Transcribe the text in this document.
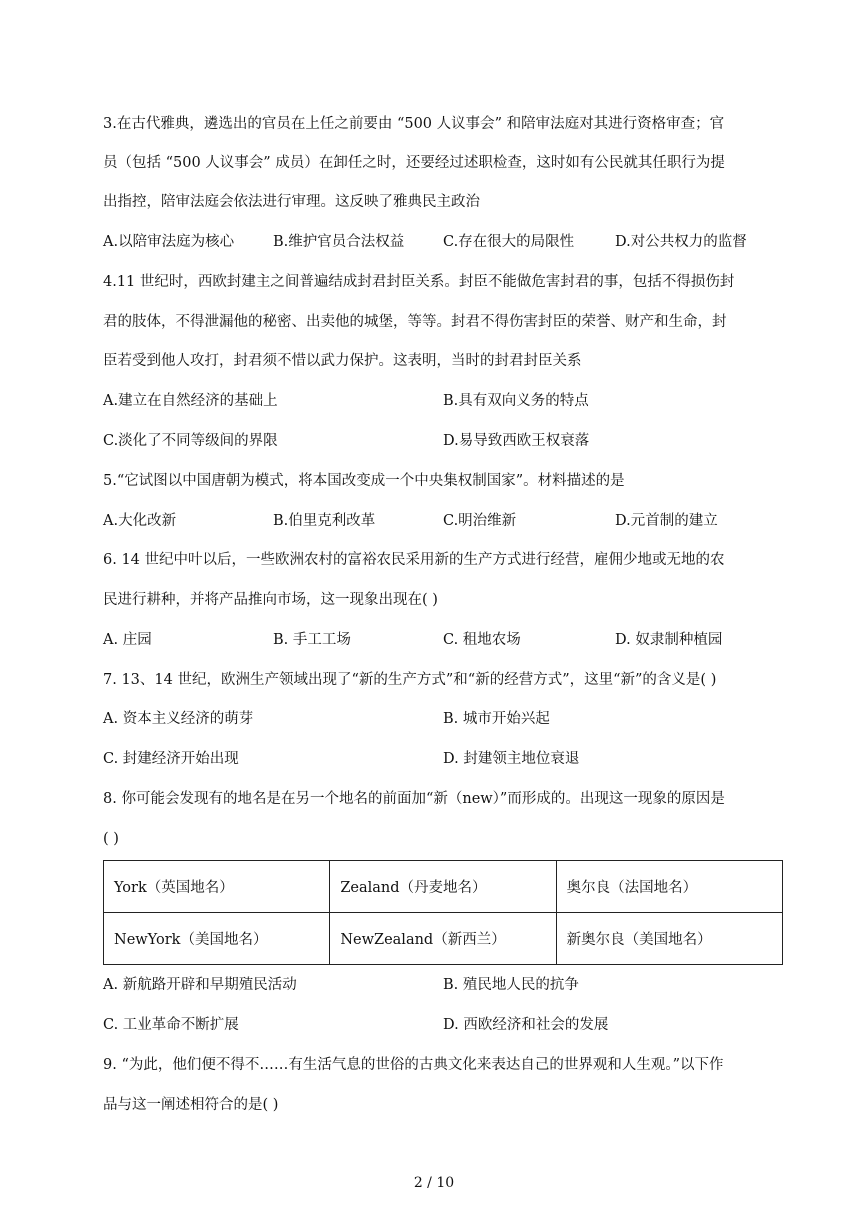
3.在古代雅典，遴选出的官员在上任之前要由 “500 人议事会” 和陪审法庭对其进行资格审查；官
员（包括 “500 人议事会” 成员）在卸任之时，还要经过述职检查，这时如有公民就其任职行为提
出指控，陪审法庭会依法进行审理。这反映了雅典民主政治
A.以陪审法庭为核心	B.维护官员合法权益	C.存在很大的局限性	D.对公共权力的监督
4.11 世纪时，西欧封建主之间普遍结成封君封臣关系。封臣不能做危害封君的事，包括不得损伤封
君的肢体，不得泄漏他的秘密、出卖他的城堡，等等。封君不得伤害封臣的荣誉、财产和生命，封
臣若受到他人攻打，封君须不惜以武力保护。这表明，当时的封君封臣关系
A.建立在自然经济的基础上	B.具有双向义务的特点
C.淡化了不同等级间的界限	D.易导致西欧王权衰落
5.“它试图以中国唐朝为模式，将本国改变成一个中央集权制国家”。材料描述的是
A.大化改新	B.伯里克利改革	C.明治维新	D.元首制的建立
6. 14 世纪中叶以后，一些欧洲农村的富裕农民采用新的生产方式进行经营，雇佣少地或无地的农
民进行耕种，并将产品推向市场，这一现象出现在( )
A. 庄园	B. 手工工场	C. 租地农场	D. 奴隶制种植园
7. 13、14 世纪，欧洲生产领域出现了“新的生产方式”和“新的经营方式”，这里“新”的含义是( )
A. 资本主义经济的萌芽	B. 城市开始兴起
C. 封建经济开始出现	D. 封建领主地位衰退
8. 你可能会发现有的地名是在另一个地名的前面加“新（new）”而形成的。出现这一现象的原因是
( )
York（英国地名）	Zealand（丹麦地名）	奥尔良（法国地名）
NewYork（美国地名）	NewZealand（新西兰）	新奥尔良（美国地名）
A. 新航路开辟和早期殖民活动	B. 殖民地人民的抗争
C. 工业革命不断扩展	D. 西欧经济和社会的发展
9. “为此，他们便不得不……有生活气息的世俗的古典文化来表达自己的世界观和人生观。”以下作
品与这一阐述相符合的是( )
2 / 10
